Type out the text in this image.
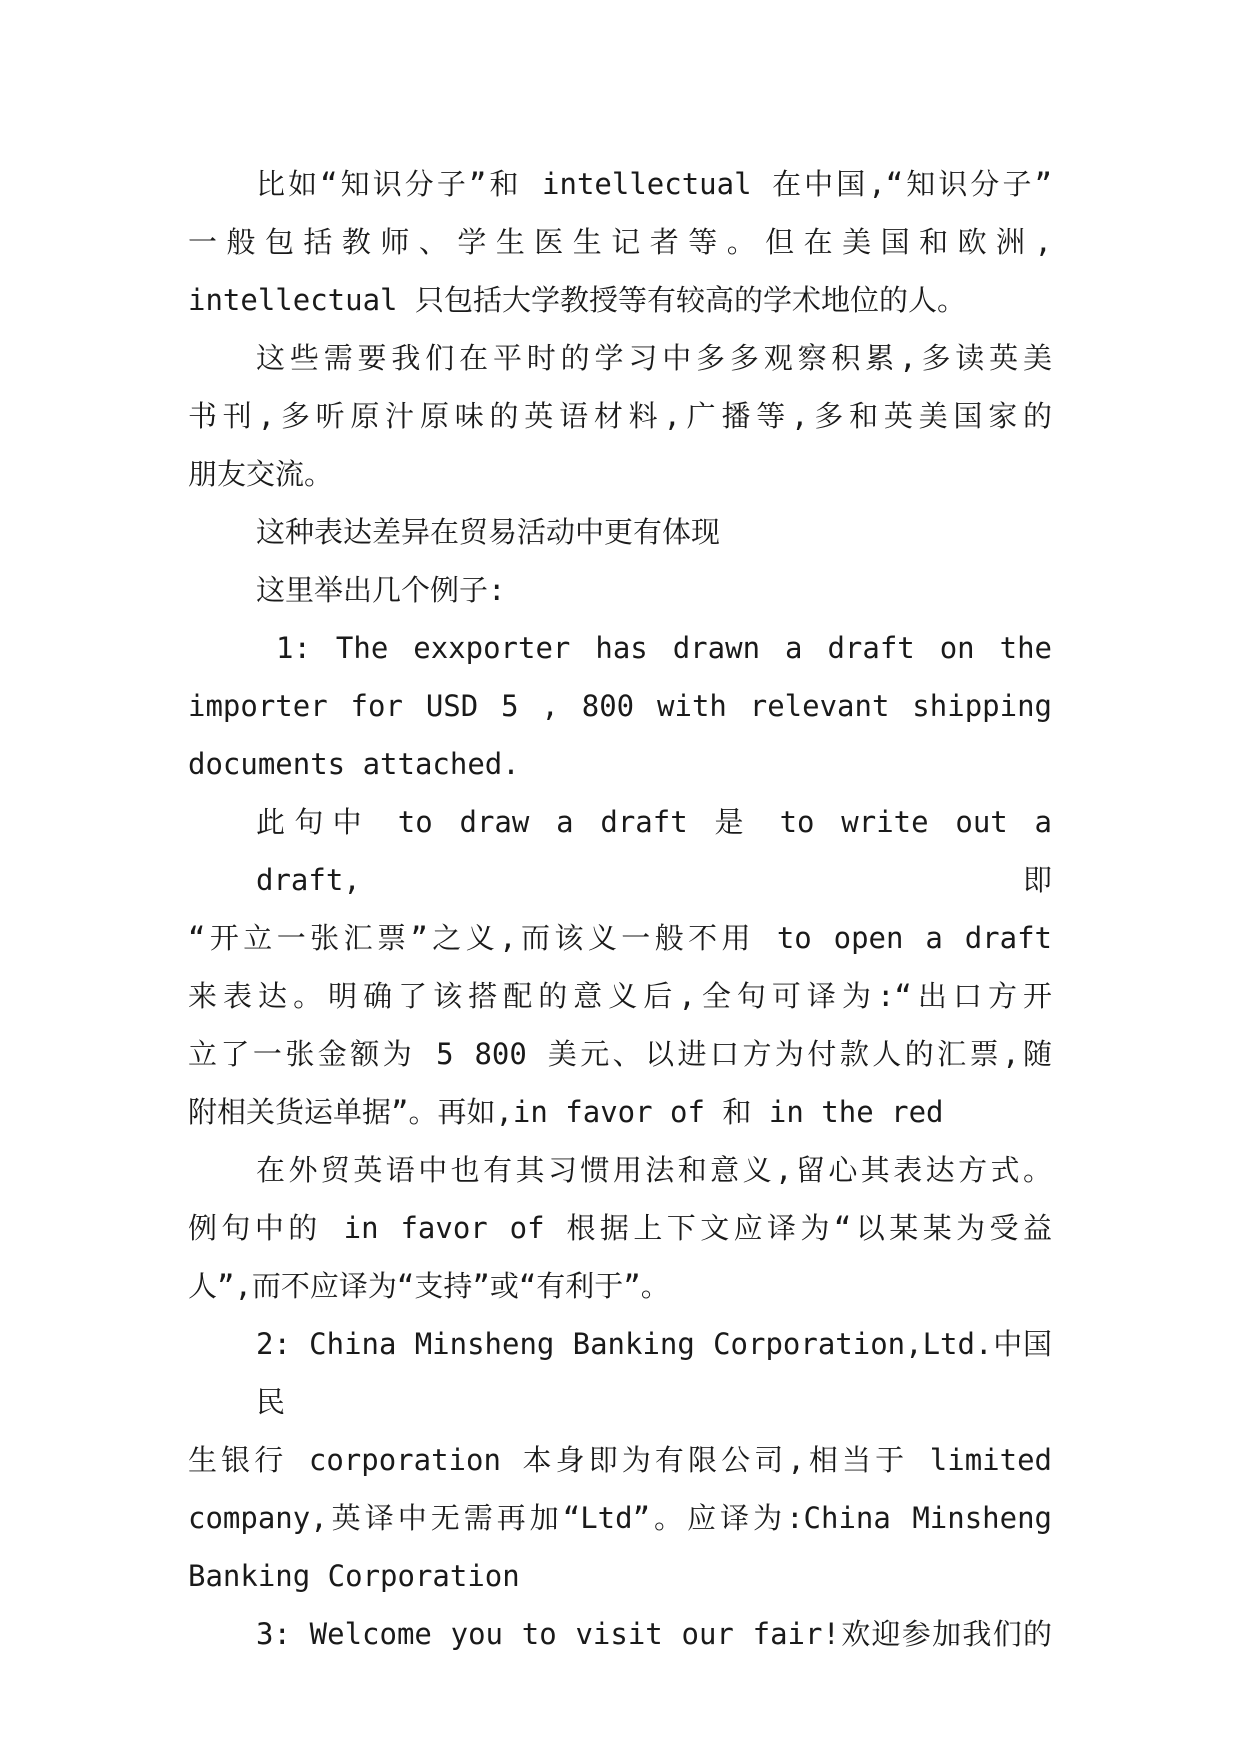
比如“知识分子”和 intellectual 在中国,“知识分子”
一般包括教师、学生医生记者等。但在美国和欧洲,
intellectual 只包括大学教授等有较高的学术地位的人。
这些需要我们在平时的学习中多多观察积累,多读英美
书刊,多听原汁原味的英语材料,广播等,多和英美国家的
朋友交流。
这种表达差异在贸易活动中更有体现
这里举出几个例子:
1: The exxporter has drawn a draft on the
importer for USD 5 , 800 with relevant shipping
documents attached.
此句中 to draw a draft 是 to write out a draft,即
“开立一张汇票”之义,而该义一般不用 to open a draft
来表达。明确了该搭配的意义后,全句可译为:“出口方开
立了一张金额为 5 800 美元、以进口方为付款人的汇票,随
附相关货运单据”。再如,in favor of 和 in the red
在外贸英语中也有其习惯用法和意义,留心其表达方式。
例句中的 in favor of 根据上下文应译为“以某某为受益
人”,而不应译为“支持”或“有利于”。
2: China Minsheng Banking Corporation,Ltd.中国民
生银行 corporation 本身即为有限公司,相当于 limited
company,英译中无需再加“Ltd”。应译为:China Minsheng
Banking Corporation
3: Welcome you to visit our fair!欢迎参加我们的
